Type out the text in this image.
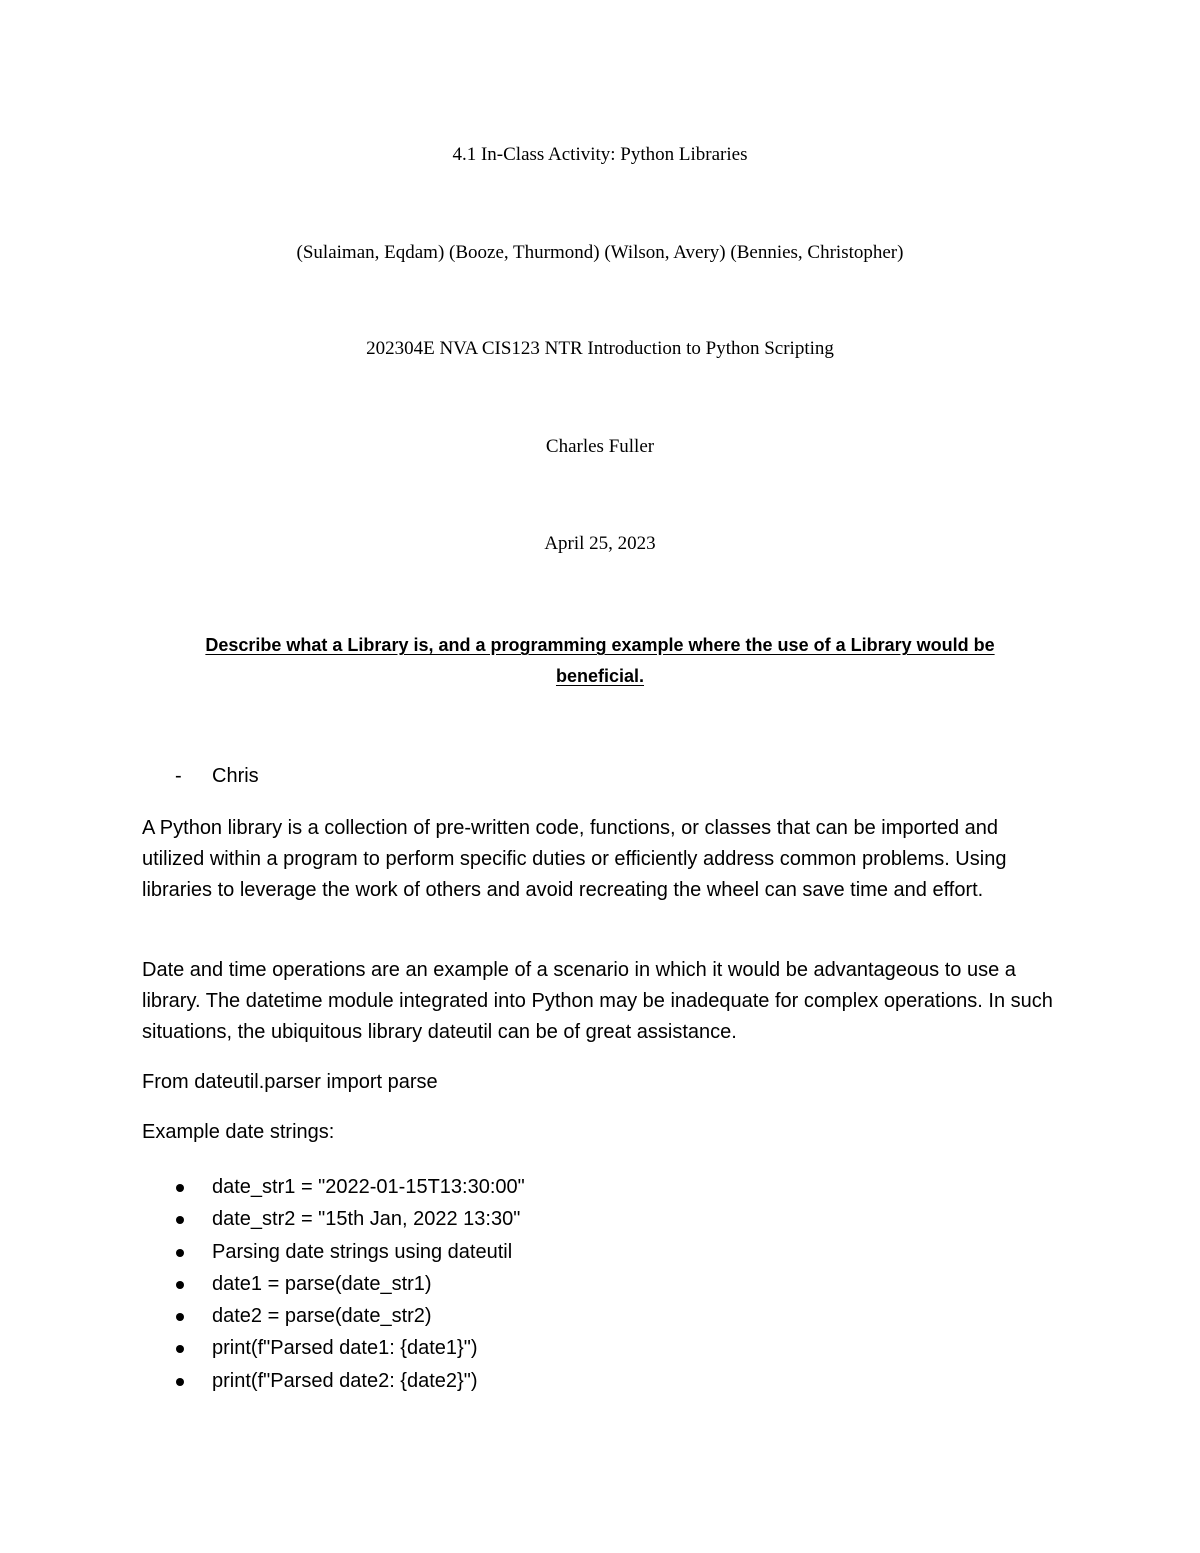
4.1 In-Class Activity: Python Libraries
(Sulaiman, Eqdam) (Booze, Thurmond) (Wilson, Avery) (Bennies, Christopher)
202304E NVA CIS123 NTR Introduction to Python Scripting
Charles Fuller
April 25, 2023
Describe what a Library is, and a programming example where the use of a Library would be beneficial.
- Chris
A Python library is a collection of pre-written code, functions, or classes that can be imported and utilized within a program to perform specific duties or efficiently address common problems. Using libraries to leverage the work of others and avoid recreating the wheel can save time and effort.
Date and time operations are an example of a scenario in which it would be advantageous to use a library. The datetime module integrated into Python may be inadequate for complex operations. In such situations, the ubiquitous library dateutil can be of great assistance.
From dateutil.parser import parse
Example date strings:
date_str1 = "2022-01-15T13:30:00"
date_str2 = "15th Jan, 2022 13:30"
Parsing date strings using dateutil
date1 = parse(date_str1)
date2 = parse(date_str2)
print(f"Parsed date1: {date1}")
print(f"Parsed date2: {date2}")
